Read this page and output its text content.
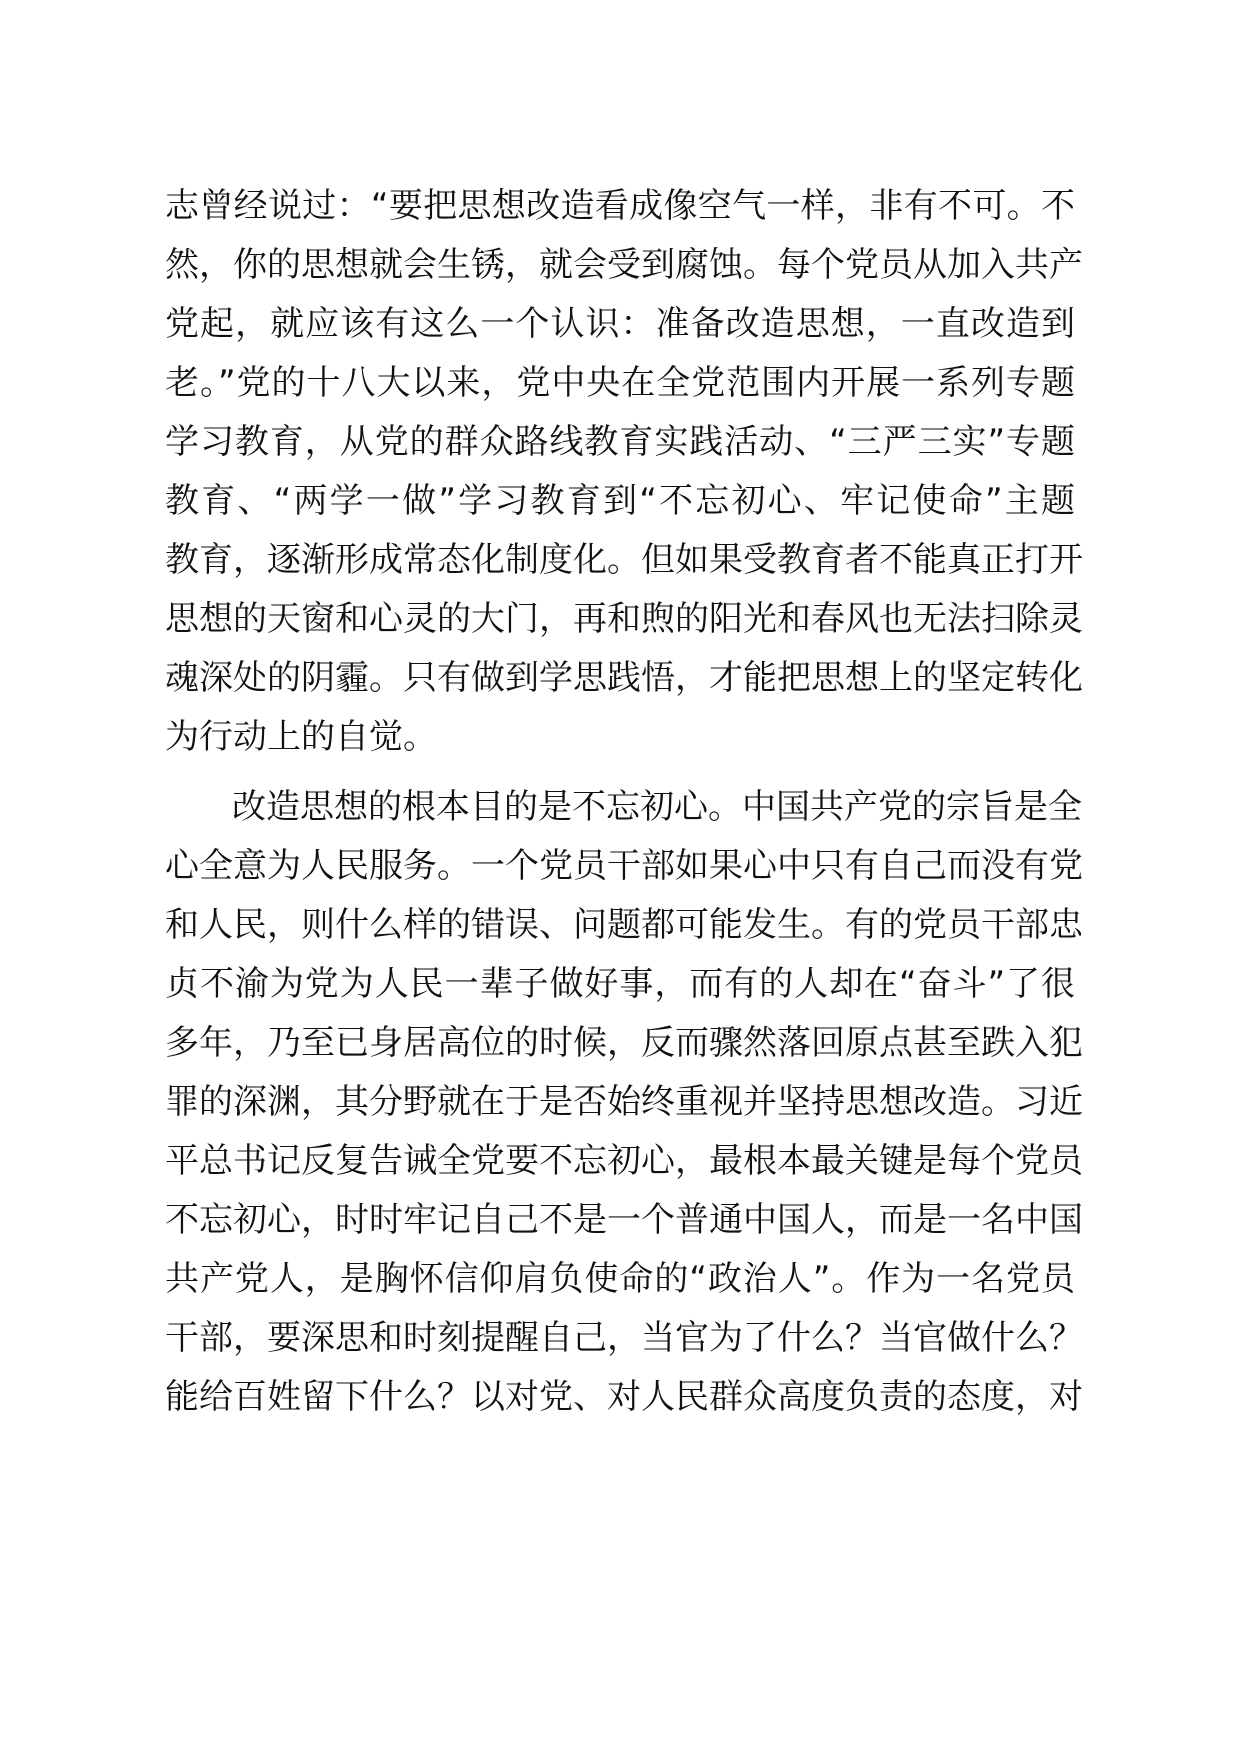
志曾经说过：“要把思想改造看成像空气一样，非有不可。不
然，你的思想就会生锈，就会受到腐蚀。每个党员从加入共产
党起，就应该有这么一个认识：准备改造思想，一直改造到
老。”党的十八大以来，党中央在全党范围内开展一系列专题
学习教育，从党的群众路线教育实践活动、“三严三实”专题
教育、“两学一做”学习教育到“不忘初心、牢记使命”主题
教育，逐渐形成常态化制度化。但如果受教育者不能真正打开
思想的天窗和心灵的大门，再和煦的阳光和春风也无法扫除灵
魂深处的阴霾。只有做到学思践悟，才能把思想上的坚定转化
为行动上的自觉。
改造思想的根本目的是不忘初心。中国共产党的宗旨是全
心全意为人民服务。一个党员干部如果心中只有自己而没有党
和人民，则什么样的错误、问题都可能发生。有的党员干部忠
贞不渝为党为人民一辈子做好事，而有的人却在“奋斗”了很
多年，乃至已身居高位的时候，反而骤然落回原点甚至跌入犯
罪的深渊，其分野就在于是否始终重视并坚持思想改造。习近
平总书记反复告诫全党要不忘初心，最根本最关键是每个党员
不忘初心，时时牢记自己不是一个普通中国人，而是一名中国
共产党人，是胸怀信仰肩负使命的“政治人”。作为一名党员
干部，要深思和时刻提醒自己，当官为了什么？当官做什么？
能给百姓留下什么？以对党、对人民群众高度负责的态度，对
